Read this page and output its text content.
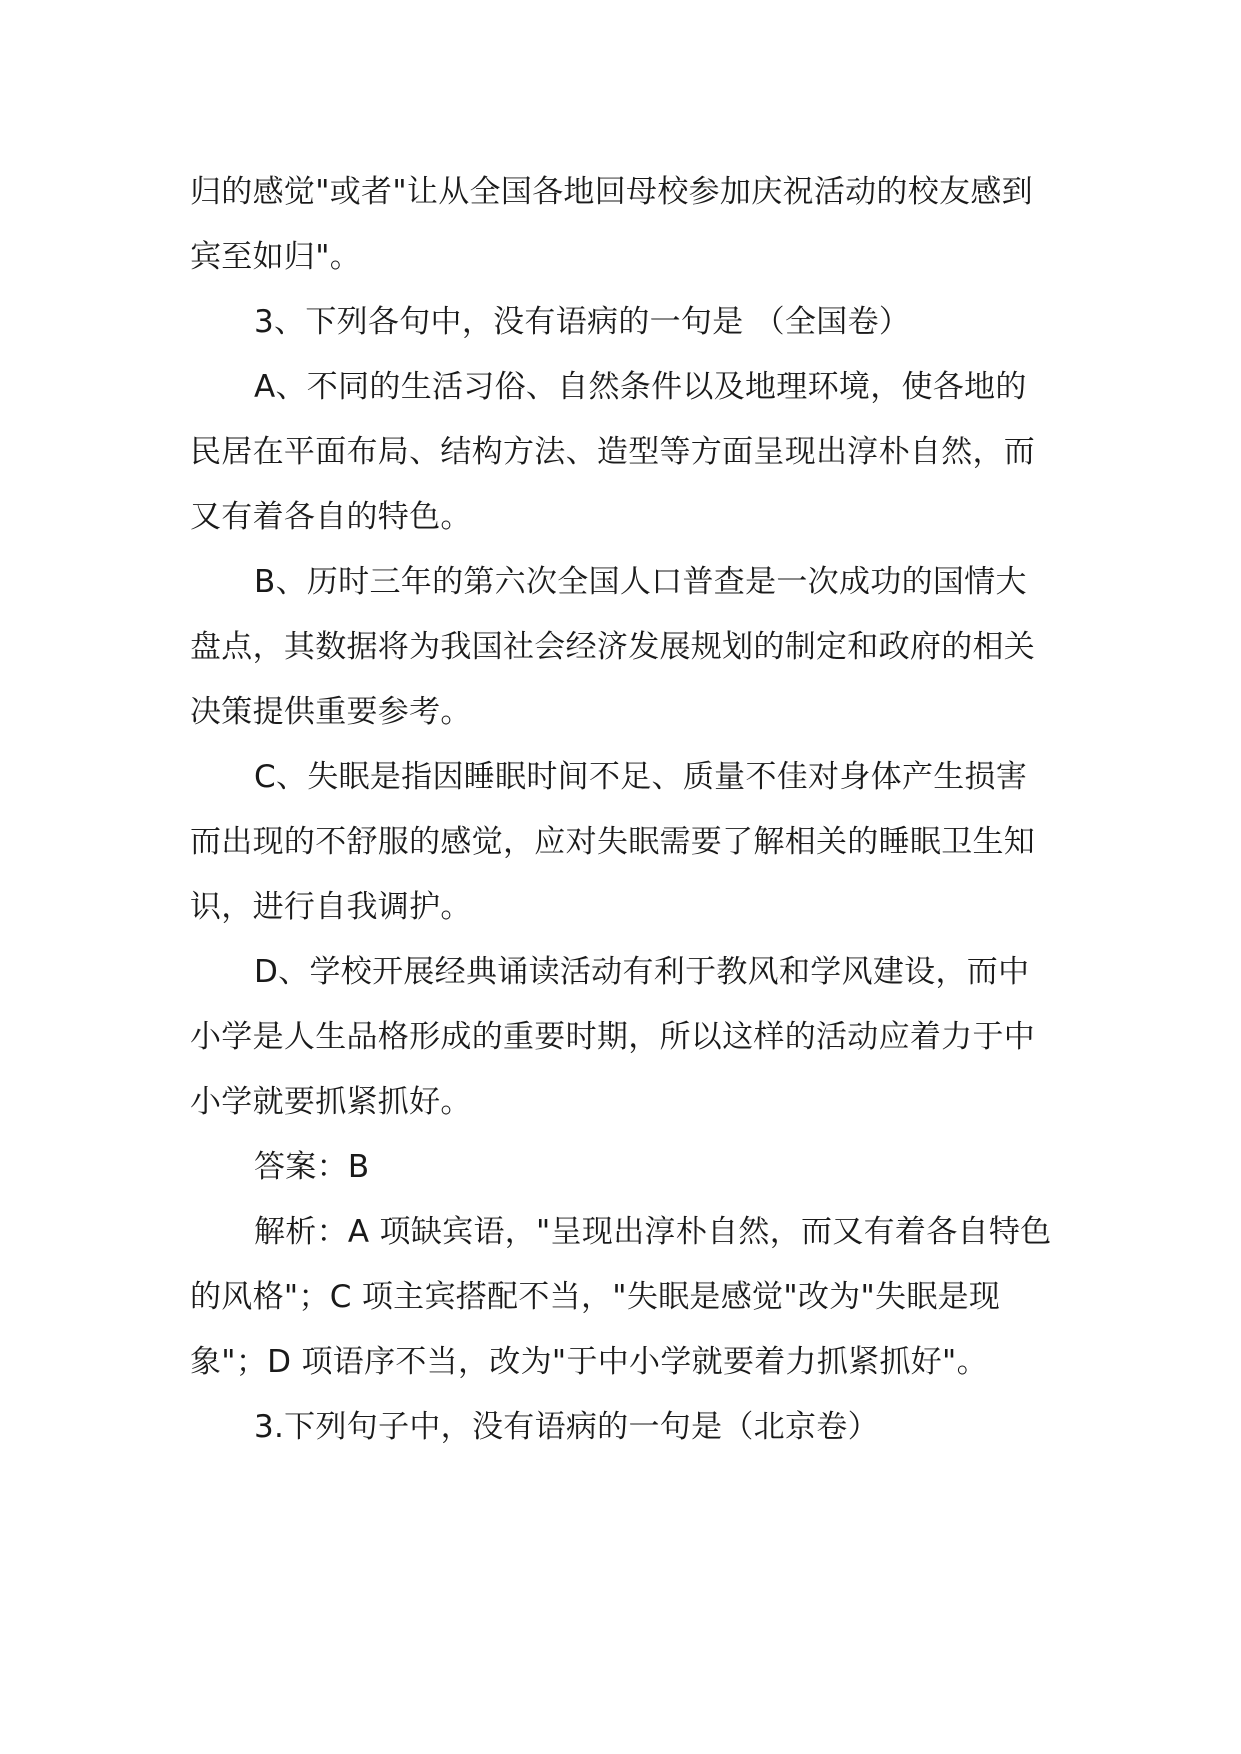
归的感觉"或者"让从全国各地回母校参加庆祝活动的校友感到宾至如归"。

3、下列各句中，没有语病的一句是 （全国卷）

A、不同的生活习俗、自然条件以及地理环境，使各地的民居在平面布局、结构方法、造型等方面呈现出淳朴自然，而又有着各自的特色。

B、历时三年的第六次全国人口普查是一次成功的国情大盘点，其数据将为我国社会经济发展规划的制定和政府的相关决策提供重要参考。

C、失眠是指因睡眠时间不足、质量不佳对身体产生损害而出现的不舒服的感觉，应对失眠需要了解相关的睡眠卫生知识，进行自我调护。

D、学校开展经典诵读活动有利于教风和学风建设，而中小学是人生品格形成的重要时期，所以这样的活动应着力于中小学就要抓紧抓好。

答案：B

解析：A 项缺宾语，"呈现出淳朴自然，而又有着各自特色的风格"；C 项主宾搭配不当，"失眠是感觉"改为"失眠是现象"；D 项语序不当，改为"于中小学就要着力抓紧抓好"。

3.下列句子中，没有语病的一句是（北京卷）
